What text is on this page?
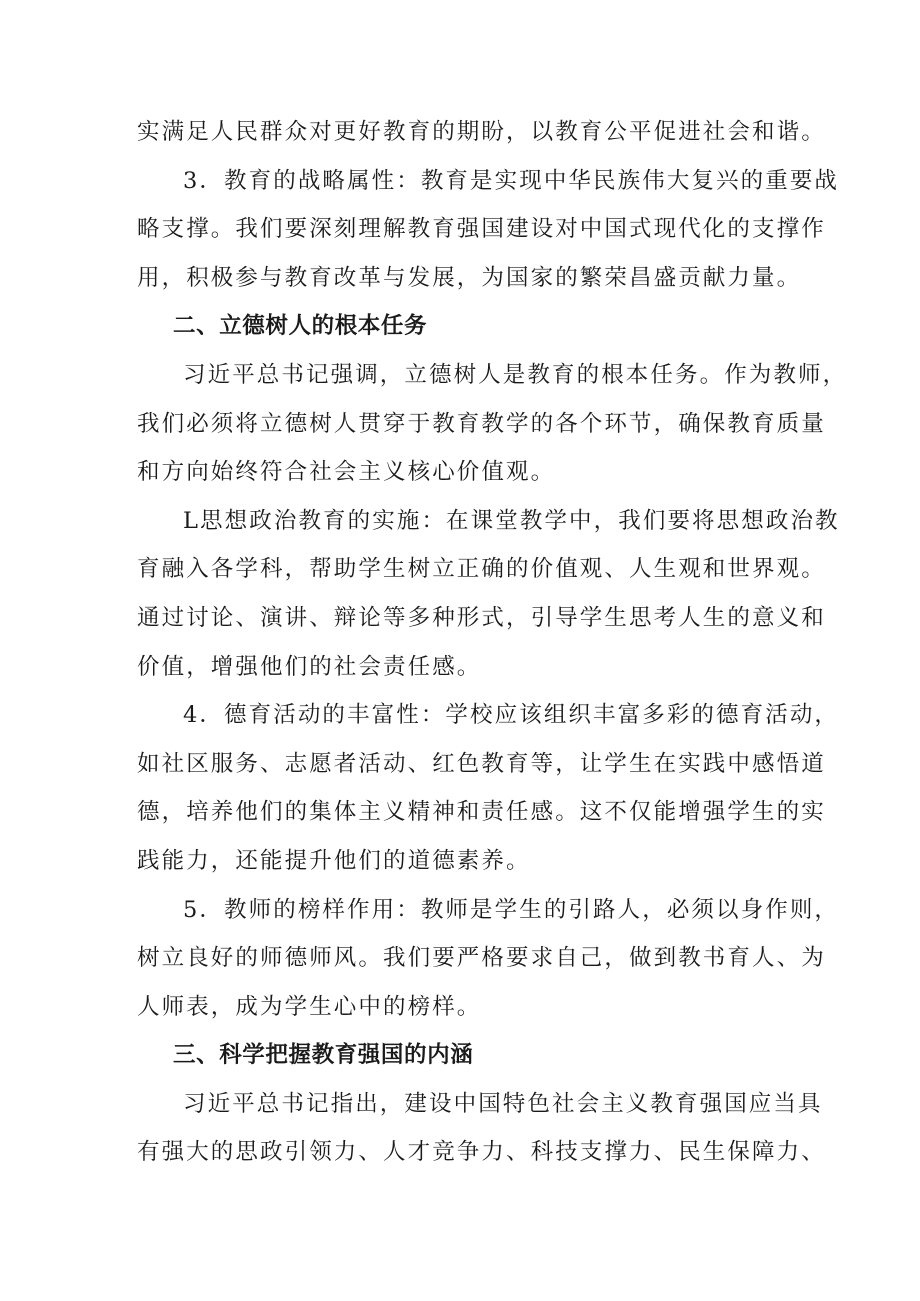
实满足人民群众对更好教育的期盼，以教育公平促进社会和谐。
3．教育的战略属性：教育是实现中华民族伟大复兴的重要战
略支撑。我们要深刻理解教育强国建设对中国式现代化的支撑作
用，积极参与教育改革与发展，为国家的繁荣昌盛贡献力量。
二、立德树人的根本任务
习近平总书记强调，立德树人是教育的根本任务。作为教师，
我们必须将立德树人贯穿于教育教学的各个环节，确保教育质量
和方向始终符合社会主义核心价值观。
L思想政治教育的实施：在课堂教学中，我们要将思想政治教
育融入各学科，帮助学生树立正确的价值观、人生观和世界观。
通过讨论、演讲、辩论等多种形式，引导学生思考人生的意义和
价值，增强他们的社会责任感。
4．德育活动的丰富性：学校应该组织丰富多彩的德育活动，
如社区服务、志愿者活动、红色教育等，让学生在实践中感悟道
德，培养他们的集体主义精神和责任感。这不仅能增强学生的实
践能力，还能提升他们的道德素养。
5．教师的榜样作用：教师是学生的引路人，必须以身作则，
树立良好的师德师风。我们要严格要求自己，做到教书育人、为
人师表，成为学生心中的榜样。
三、科学把握教育强国的内涵
习近平总书记指出，建设中国特色社会主义教育强国应当具
有强大的思政引领力、人才竞争力、科技支撑力、民生保障力、
